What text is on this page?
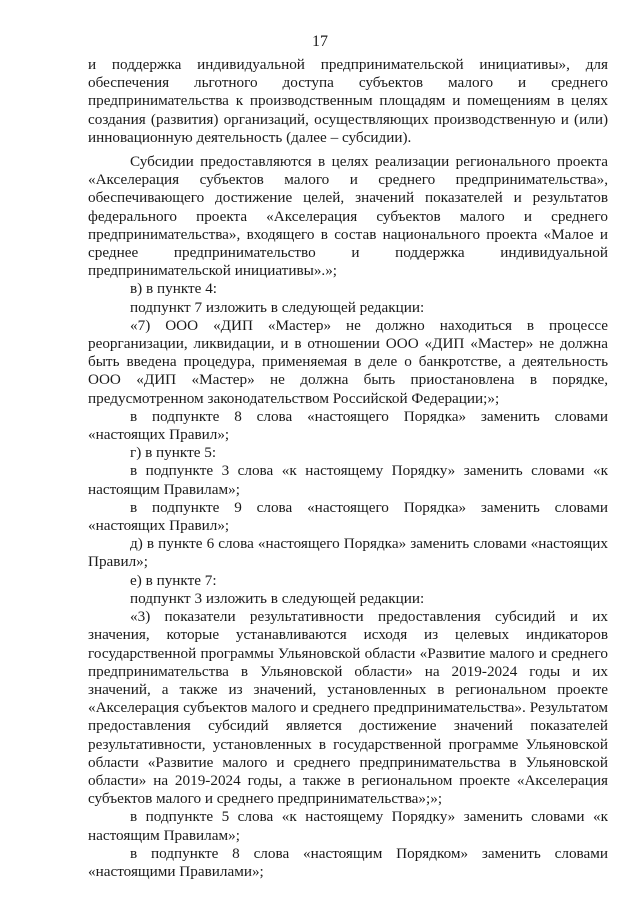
17

и поддержка индивидуальной предпринимательской инициативы», для обеспечения льготного доступа субъектов малого и среднего предпринимательства к производственным площадям и помещениям в целях создания (развития) организаций, осуществляющих производственную и (или) инновационную деятельность (далее – субсидии).

Субсидии предоставляются в целях реализации регионального проекта «Акселерация субъектов малого и среднего предпринимательства», обеспечивающего достижение целей, значений показателей и результатов федерального проекта «Акселерация субъектов малого и среднего предпринимательства», входящего в состав национального проекта «Малое и среднее предпринимательство и поддержка индивидуальной предпринимательской инициативы».»;

в) в пункте 4:

подпункт 7 изложить в следующей редакции:

«7) ООО «ДИП «Мастер» не должно находиться в процессе реорганизации, ликвидации, и в отношении ООО «ДИП «Мастер» не должна быть введена процедура, применяемая в деле о банкротстве, а деятельность ООО «ДИП «Мастер» не должна быть приостановлена в порядке, предусмотренном законодательством Российской Федерации;»;

в подпункте 8 слова «настоящего Порядка» заменить словами «настоящих Правил»;

г) в пункте 5:

в подпункте 3 слова «к настоящему Порядку» заменить словами «к настоящим Правилам»;

в подпункте 9 слова «настоящего Порядка» заменить словами «настоящих Правил»;

д) в пункте 6 слова «настоящего Порядка» заменить словами «настоящих Правил»;

е) в пункте 7:

подпункт 3 изложить в следующей редакции:

«3) показатели результативности предоставления субсидий и их значения, которые устанавливаются исходя из целевых индикаторов государственной программы Ульяновской области «Развитие малого и среднего предпринимательства в Ульяновской области» на 2019-2024 годы и их значений, а также из значений, установленных в региональном проекте «Акселерация субъектов малого и среднего предпринимательства». Результатом предоставления субсидий является достижение значений показателей результативности, установленных в государственной программе Ульяновской области «Развитие малого и среднего предпринимательства в Ульяновской области» на 2019-2024 годы, а также в региональном проекте «Акселерация субъектов малого и среднего предпринимательства»;»;

в подпункте 5 слова «к настоящему Порядку» заменить словами «к настоящим Правилам»;

в подпункте 8 слова «настоящим Порядком» заменить словами «настоящими Правилами»;
